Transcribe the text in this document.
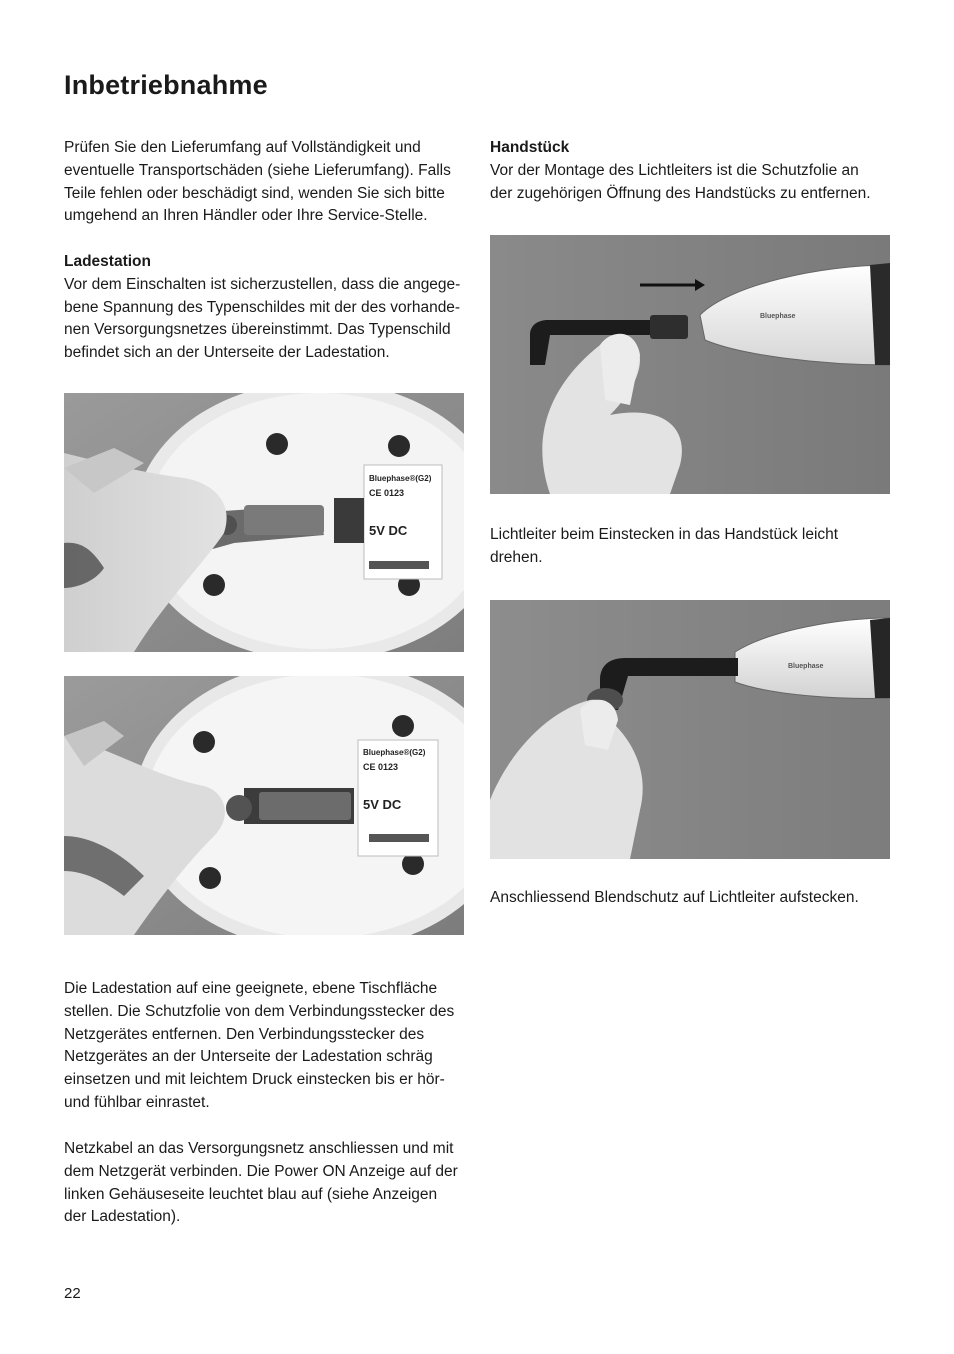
Inbetriebnahme

Prüfen Sie den Lieferumfang auf Vollständigkeit und
eventuelle Transportschäden (siehe Lieferumfang). Falls
Teile fehlen oder beschädigt sind, wenden Sie sich bitte
umgehend an Ihren Händler oder Ihre Service-Stelle.

Ladestation

Vor dem Einschalten ist sicherzustellen, dass die angege-
bene Spannung des Typenschildes mit der des vorhande-
nen Versorgungsnetzes übereinstimmt. Das Typenschild
befindet sich an der Unterseite der Ladestation.

Bluephase®(G2)
CE 0123
5V DC
Bluephase®(G2)
CE 0123
5V DC

Die Ladestation auf eine geeignete, ebene Tischfläche
stellen. Die Schutzfolie von dem Verbindungsstecker des
Netzgerätes entfernen. Den Verbindungsstecker des
Netzgerätes an der Unterseite der Ladestation schräg
einsetzen und mit leichtem Druck einstecken bis er hör-
und fühlbar einrastet.

Netzkabel an das Versorgungsnetz anschliessen und mit
dem Netzgerät verbinden. Die Power ON Anzeige auf der
linken Gehäuseseite leuchtet blau auf (siehe Anzeigen
der Ladestation).

Handstück

Vor der Montage des Lichtleiters ist die Schutzfolie an
der zugehörigen Öffnung des Handstücks zu entfernen.

Bluephase

Lichtleiter beim Einstecken in das Handstück leicht
drehen.

Bluephase

Anschliessend Blendschutz auf Lichtleiter aufstecken.

22
